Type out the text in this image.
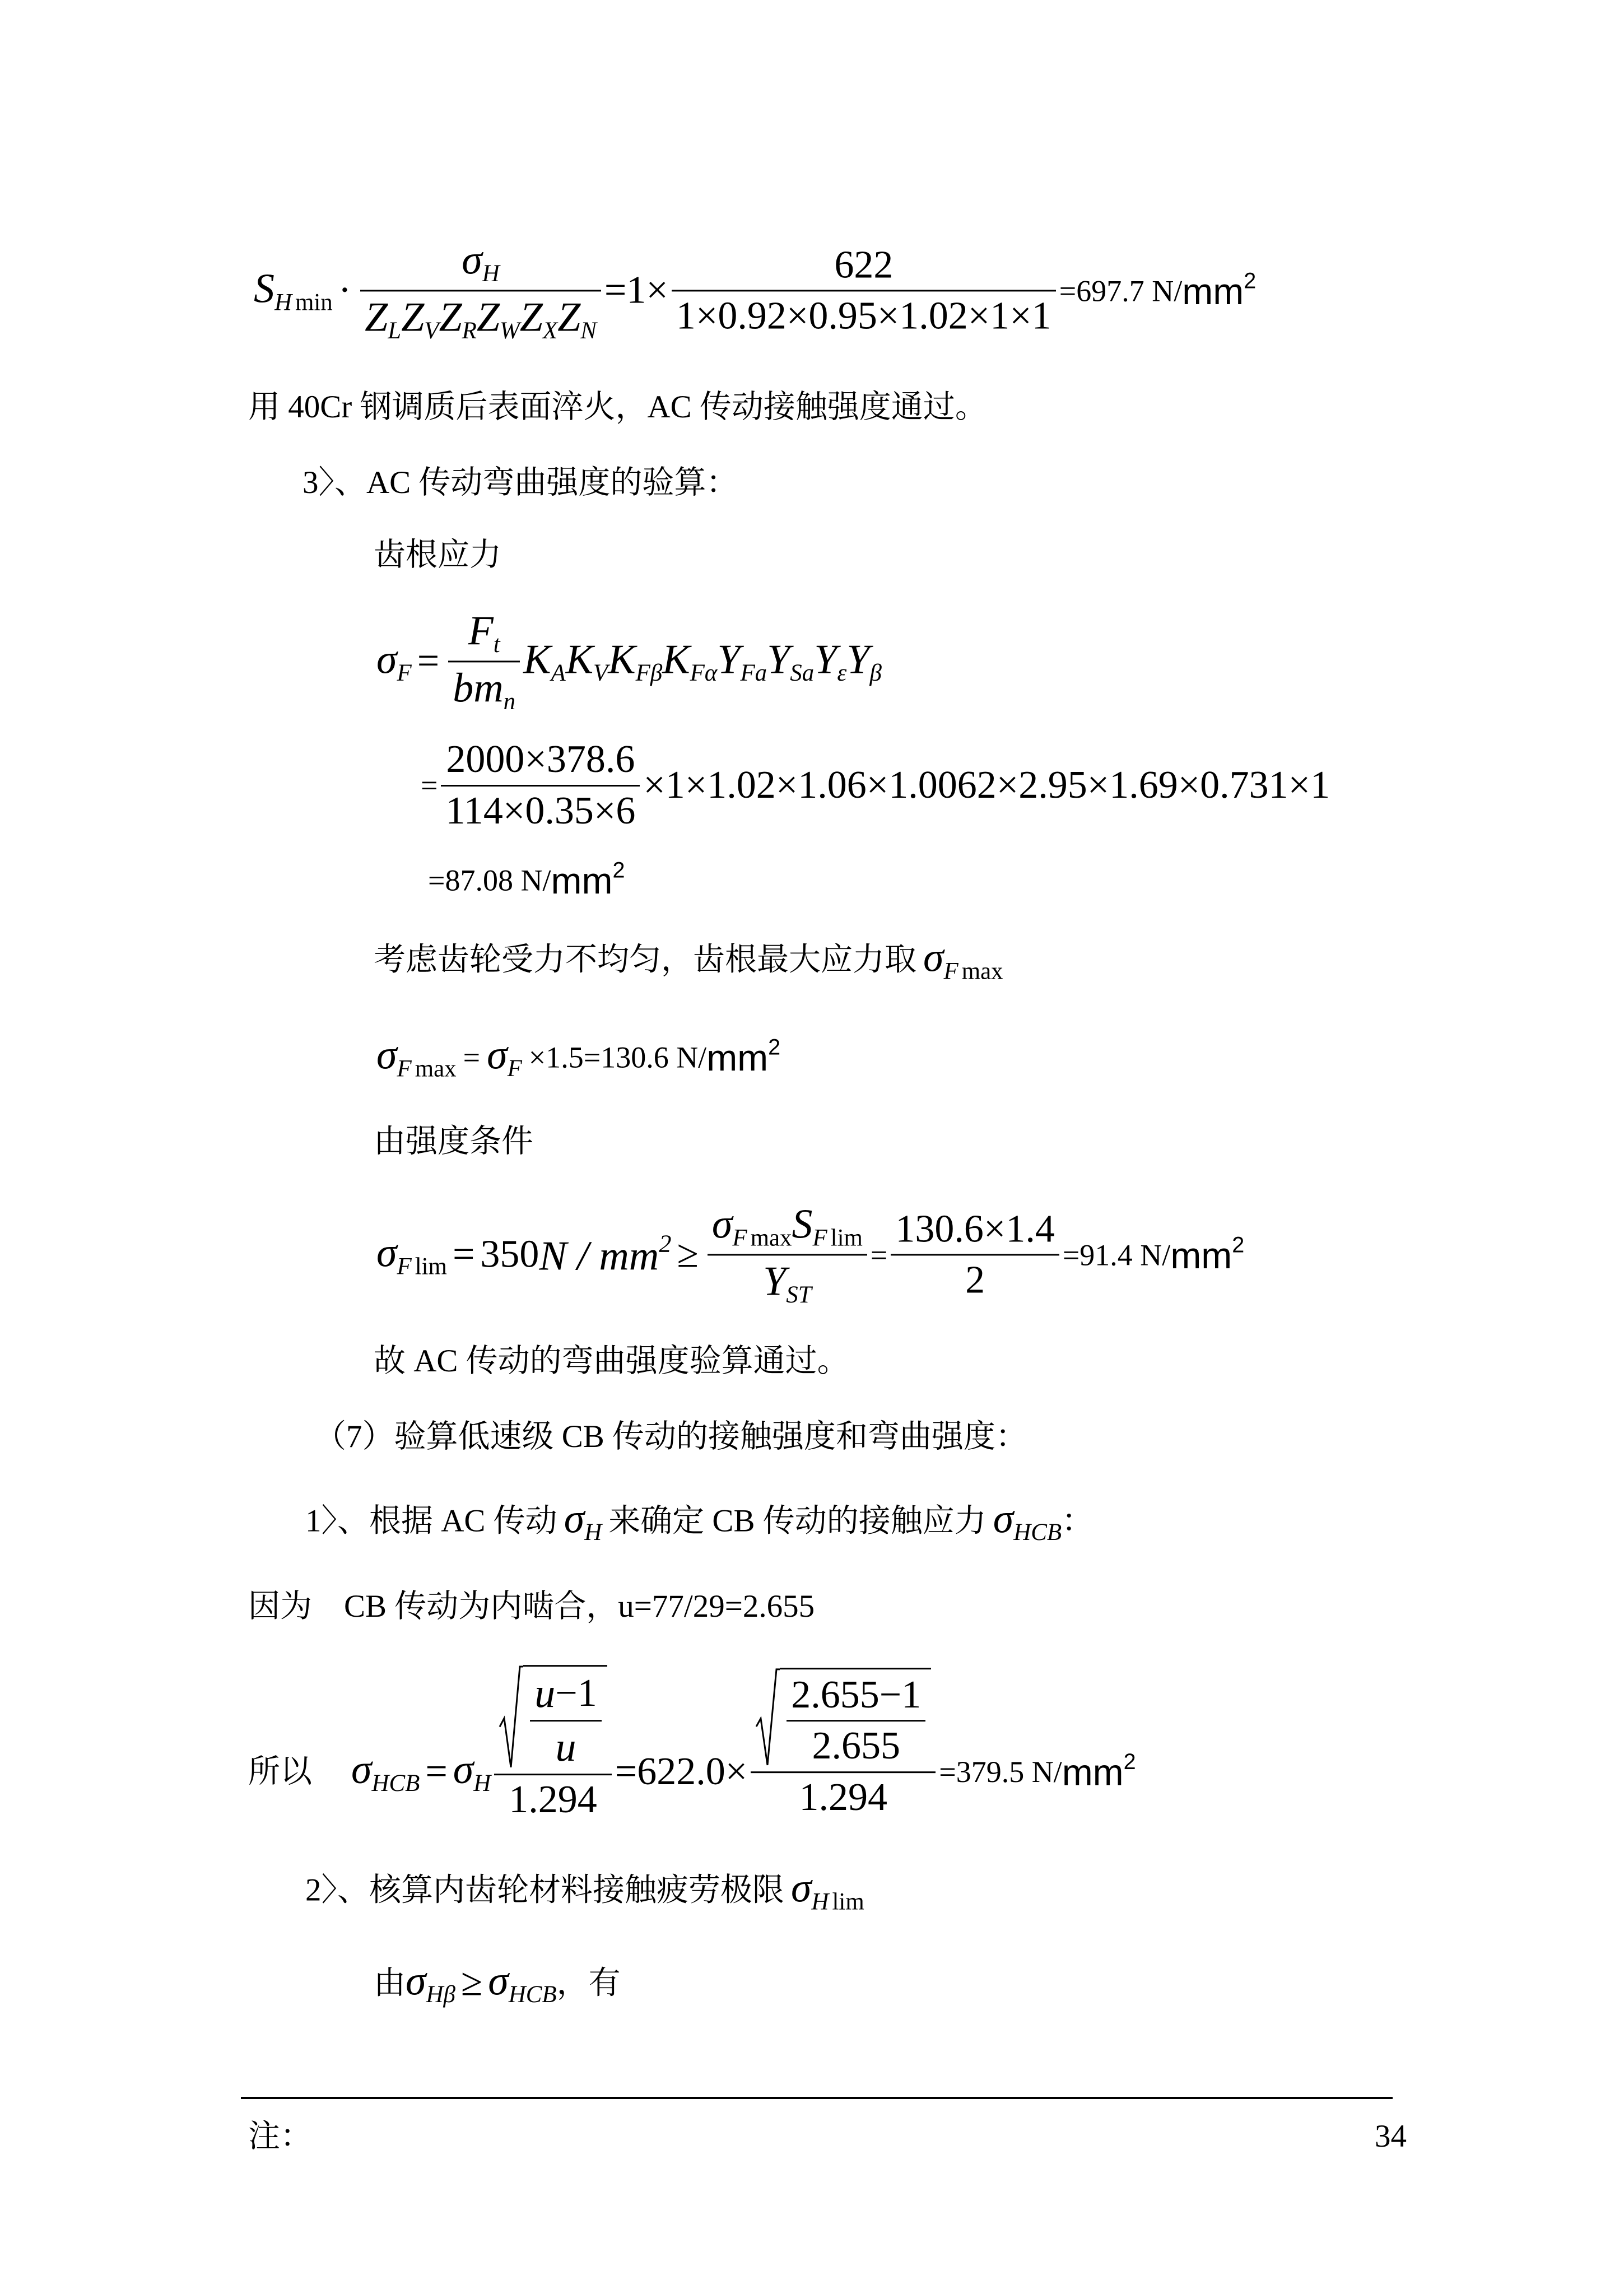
SH $\min \cdot \frac{\sigma H}{\text{ZL ZV ZR ZW ZX ZN}} =1\times \frac{622}{1\times 0.92\times 0.95\times 1.02\times 1\times 1} =697.7$ N/ $mm^2$
用 40Cr 钢调质后表面淬火，AC 传动接触强度通过。
3〉、AC 传动弯曲强度的验算：
齿根应力
$\sigma F = \frac{Ft}{\text{bmn}}$ KA KV KFβ KFα YFa YSa Yε Yβ
= $\frac{2000\times 378.6}{114\times 0.35\times 6} \times 1\times 1.02\times 1.06\times 1.0062\times 2.95\times 1.69\times 0.731\times 1$
=87.08 N/ $mm^2$
考虑齿轮受力不均匀，齿根最大应力取 σF max
σF max = σF ×1.5=130.6 N/ $mm^2$
由强度条件
σF lim = 350 $N / mm^2 \ge \frac{\text{σF max SF lim}}{\text{YST}} = \frac{130.6\times 1.4}{2} =91.4$ N/ $mm^2$
故 AC 传动的弯曲强度验算通过。
（7）验算低速级 CB 传动的接触强度和弯曲强度：
1〉、根据 AC 传动 σH 来确定 CB 传动的接触应力 σHCB ：
因为　CB 传动为内啮合，u=77/29=2.655
所以 σHCB = σH $\frac{\frac{u -1}{u}}{1.294} =622.0\times \frac{\frac{2.655-1}{2.655}}{1.294} =379.5$ N/ $mm^2$
2〉、核算内齿轮材料接触疲劳极限 σH lim
由 σHβ ≥ σHCB ，有
注：	34
